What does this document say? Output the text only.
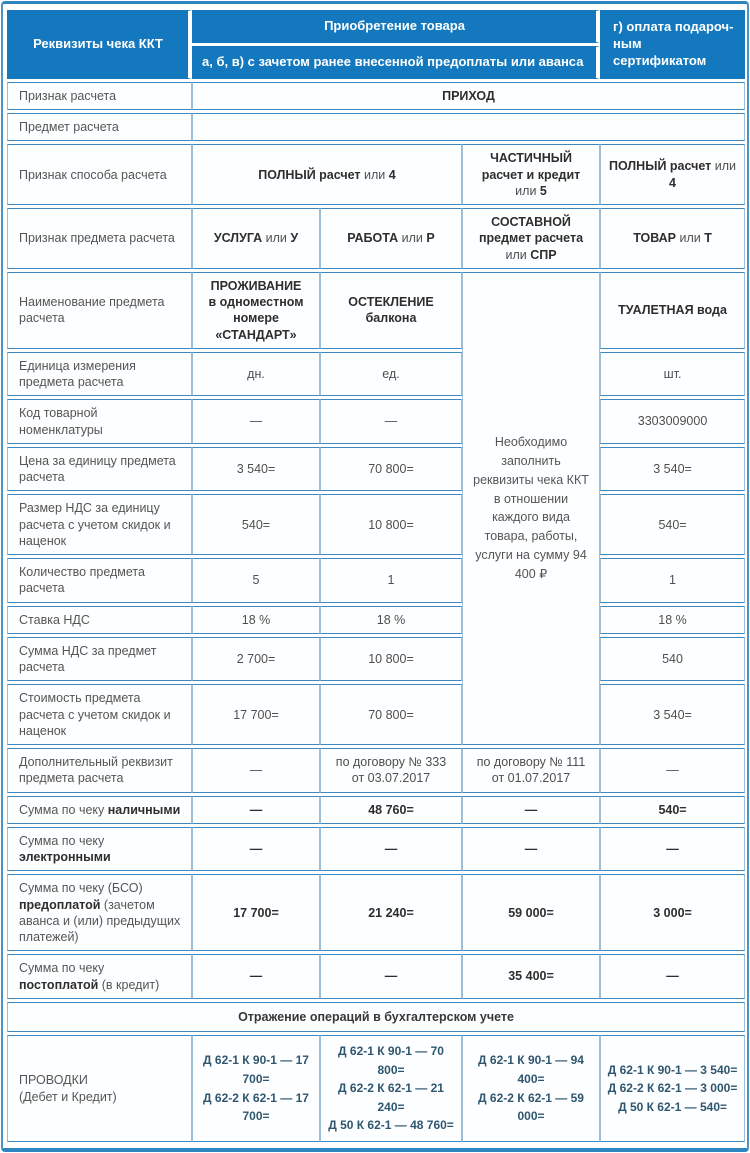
Реквизиты чека ККТ	Приобретение товара			г) оплата подароч-
ным сертификатом
	а, б, в) с зачетом ранее внесенной предоплаты или аванса			
Признак расчета	ПРИХОД			
Предмет расчета				
Признак способа расчета	ПОЛНЫЙ расчет или 4		ЧАСТИЧНЫЙ расчет и кредит или 5	ПОЛНЫЙ расчет или 4
Признак предмета расчета	УСЛУГА или У	РАБОТА или Р	СОСТАВНОЙ предмет расчета или СПР	ТОВАР или Т
Наименование предмета расчета	ПРОЖИВАНИЕ
в одноместном
номере «СТАНДАРТ»	ОСТЕКЛЕНИЕ
балкона	Необходимо заполнить реквизиты чека ККТ в отношении каждого вида товара, работы, услуги на сумму 94 400 ₽	ТУАЛЕТНАЯ вода
Единица измерения предмета расчета	дн.	ед.		шт.
Код товарной номенклатуры	—	—		3303009000
Цена за единицу предмета расчета	3 540=	70 800=		3 540=
Размер НДС за единицу расчета с учетом скидок и наценок	540=	10 800=		540=
Количество предмета расчета	5	1		1
Ставка НДС	18 %	18 %		18 %
Сумма НДС за предмет расчета	2 700=	10 800=		540
Стоимость предмета расчета с учетом скидок и наценок	17 700=	70 800=		3 540=
Дополнительный реквизит предмета расчета	—	по договору № 333
от 03.07.2017	по договору № 111
от 01.07.2017	—
Сумма по чеку наличными	—	48 760=	—	540=
Сумма по чеку электронными	—	—	—	—
Сумма по чеку (БСО) предоплатой (зачетом аванса и (или) предыдущих платежей)	17 700=	21 240=	59 000=	3 000=
Сумма по чеку постоплатой (в кредит)	—	—	35 400=	—
Отражение операций в бухгалтерском учете				
ПРОВОДКИ
(Дебет и Кредит)	Д 62-1 К 90-1 — 17 700=
Д 62-2 К 62-1 — 17 700=	Д 62-1 К 90-1 — 70 800=
Д 62-2 К 62-1 — 21 240=
Д 50 К 62-1 — 48 760=	Д 62-1 К 90-1 — 94 400=
Д 62-2 К 62-1 — 59 000=	Д 62-1 К 90-1 — 3 540=
Д 62-2 К 62-1 — 3 000=
Д 50 К 62-1 — 540=
